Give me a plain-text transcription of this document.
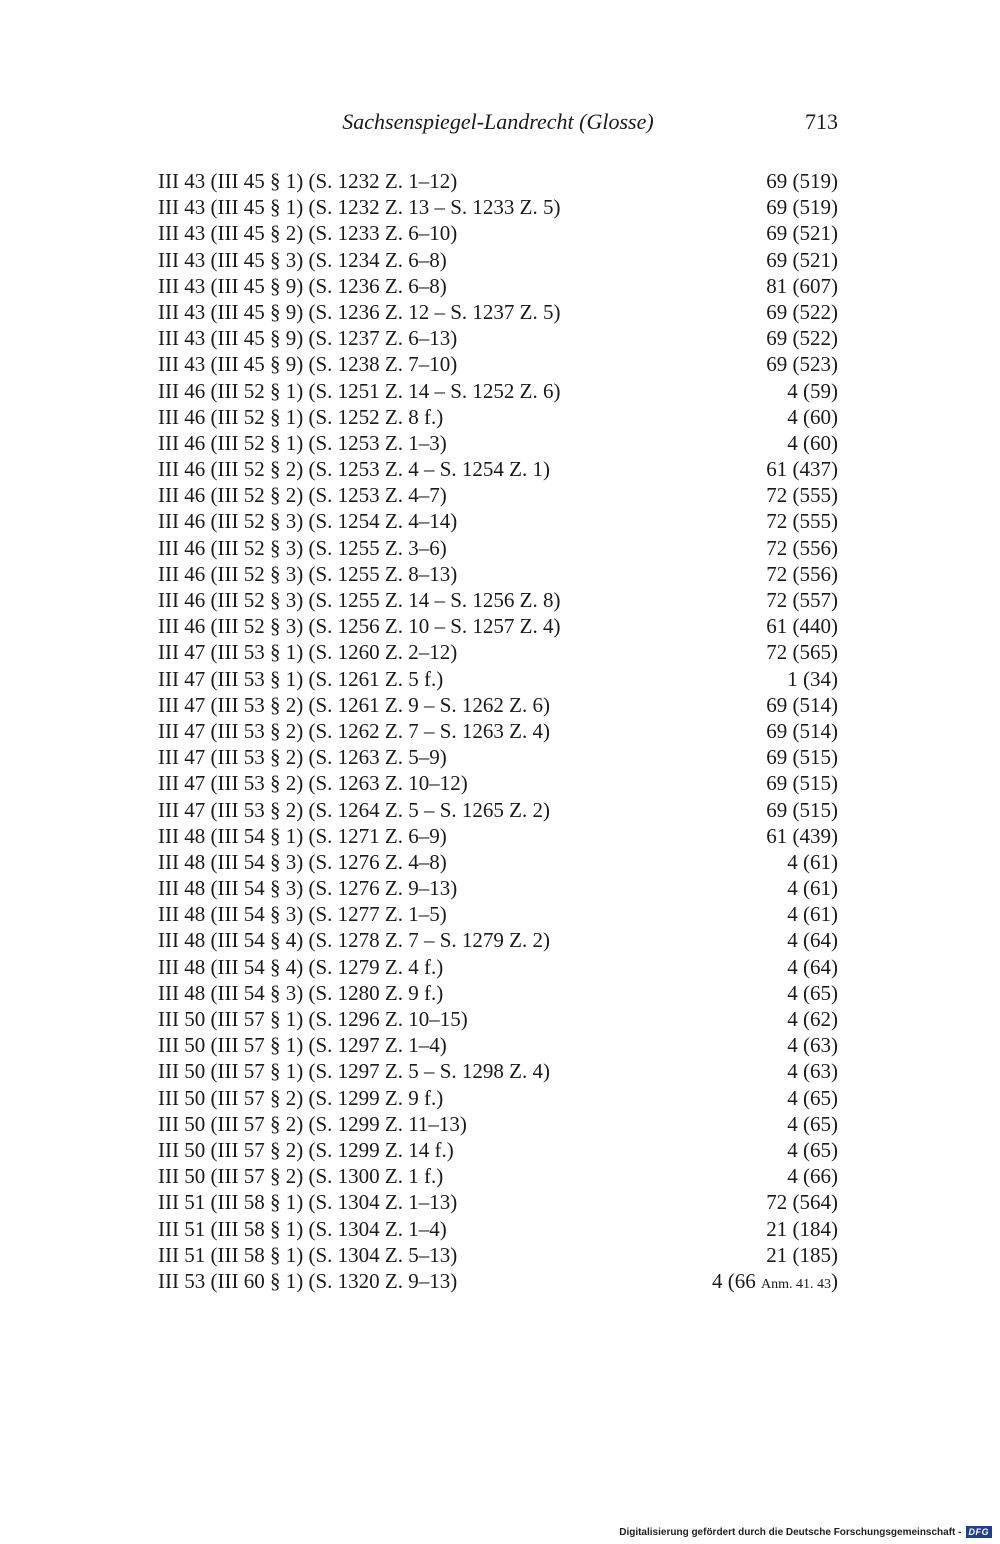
Sachsenspiegel-Landrecht (Glosse)	713
III 43 (III 45 § 1) (S. 1232 Z. 1–12)	69 (519)
III 43 (III 45 § 1) (S. 1232 Z. 13 – S. 1233 Z. 5)	69 (519)
III 43 (III 45 § 2) (S. 1233 Z. 6–10)	69 (521)
III 43 (III 45 § 3) (S. 1234 Z. 6–8)	69 (521)
III 43 (III 45 § 9) (S. 1236 Z. 6–8)	81 (607)
III 43 (III 45 § 9) (S. 1236 Z. 12 – S. 1237 Z. 5)	69 (522)
III 43 (III 45 § 9) (S. 1237 Z. 6–13)	69 (522)
III 43 (III 45 § 9) (S. 1238 Z. 7–10)	69 (523)
III 46 (III 52 § 1) (S. 1251 Z. 14 – S. 1252 Z. 6)	4 (59)
III 46 (III 52 § 1) (S. 1252 Z. 8 f.)	4 (60)
III 46 (III 52 § 1) (S. 1253 Z. 1–3)	4 (60)
III 46 (III 52 § 2) (S. 1253 Z. 4 – S. 1254 Z. 1)	61 (437)
III 46 (III 52 § 2) (S. 1253 Z. 4–7)	72 (555)
III 46 (III 52 § 3) (S. 1254 Z. 4–14)	72 (555)
III 46 (III 52 § 3) (S. 1255 Z. 3–6)	72 (556)
III 46 (III 52 § 3) (S. 1255 Z. 8–13)	72 (556)
III 46 (III 52 § 3) (S. 1255 Z. 14 – S. 1256 Z. 8)	72 (557)
III 46 (III 52 § 3) (S. 1256 Z. 10 – S. 1257 Z. 4)	61 (440)
III 47 (III 53 § 1) (S. 1260 Z. 2–12)	72 (565)
III 47 (III 53 § 1) (S. 1261 Z. 5 f.)	1 (34)
III 47 (III 53 § 2) (S. 1261 Z. 9 – S. 1262 Z. 6)	69 (514)
III 47 (III 53 § 2) (S. 1262 Z. 7 – S. 1263 Z. 4)	69 (514)
III 47 (III 53 § 2) (S. 1263 Z. 5–9)	69 (515)
III 47 (III 53 § 2) (S. 1263 Z. 10–12)	69 (515)
III 47 (III 53 § 2) (S. 1264 Z. 5 – S. 1265 Z. 2)	69 (515)
III 48 (III 54 § 1) (S. 1271 Z. 6–9)	61 (439)
III 48 (III 54 § 3) (S. 1276 Z. 4–8)	4 (61)
III 48 (III 54 § 3) (S. 1276 Z. 9–13)	4 (61)
III 48 (III 54 § 3) (S. 1277 Z. 1–5)	4 (61)
III 48 (III 54 § 4) (S. 1278 Z. 7 – S. 1279 Z. 2)	4 (64)
III 48 (III 54 § 4) (S. 1279 Z. 4 f.)	4 (64)
III 48 (III 54 § 3) (S. 1280 Z. 9 f.)	4 (65)
III 50 (III 57 § 1) (S. 1296 Z. 10–15)	4 (62)
III 50 (III 57 § 1) (S. 1297 Z. 1–4)	4 (63)
III 50 (III 57 § 1) (S. 1297 Z. 5 – S. 1298 Z. 4)	4 (63)
III 50 (III 57 § 2) (S. 1299 Z. 9 f.)	4 (65)
III 50 (III 57 § 2) (S. 1299 Z. 11–13)	4 (65)
III 50 (III 57 § 2) (S. 1299 Z. 14 f.)	4 (65)
III 50 (III 57 § 2) (S. 1300 Z. 1 f.)	4 (66)
III 51 (III 58 § 1) (S. 1304 Z. 1–13)	72 (564)
III 51 (III 58 § 1) (S. 1304 Z. 1–4)	21 (184)
III 51 (III 58 § 1) (S. 1304 Z. 5–13)	21 (185)
III 53 (III 60 § 1) (S. 1320 Z. 9–13)	4 (66 Anm. 41. 43)
Digitalisierung gefördert durch die Deutsche Forschungsgemeinschaft - DFG
